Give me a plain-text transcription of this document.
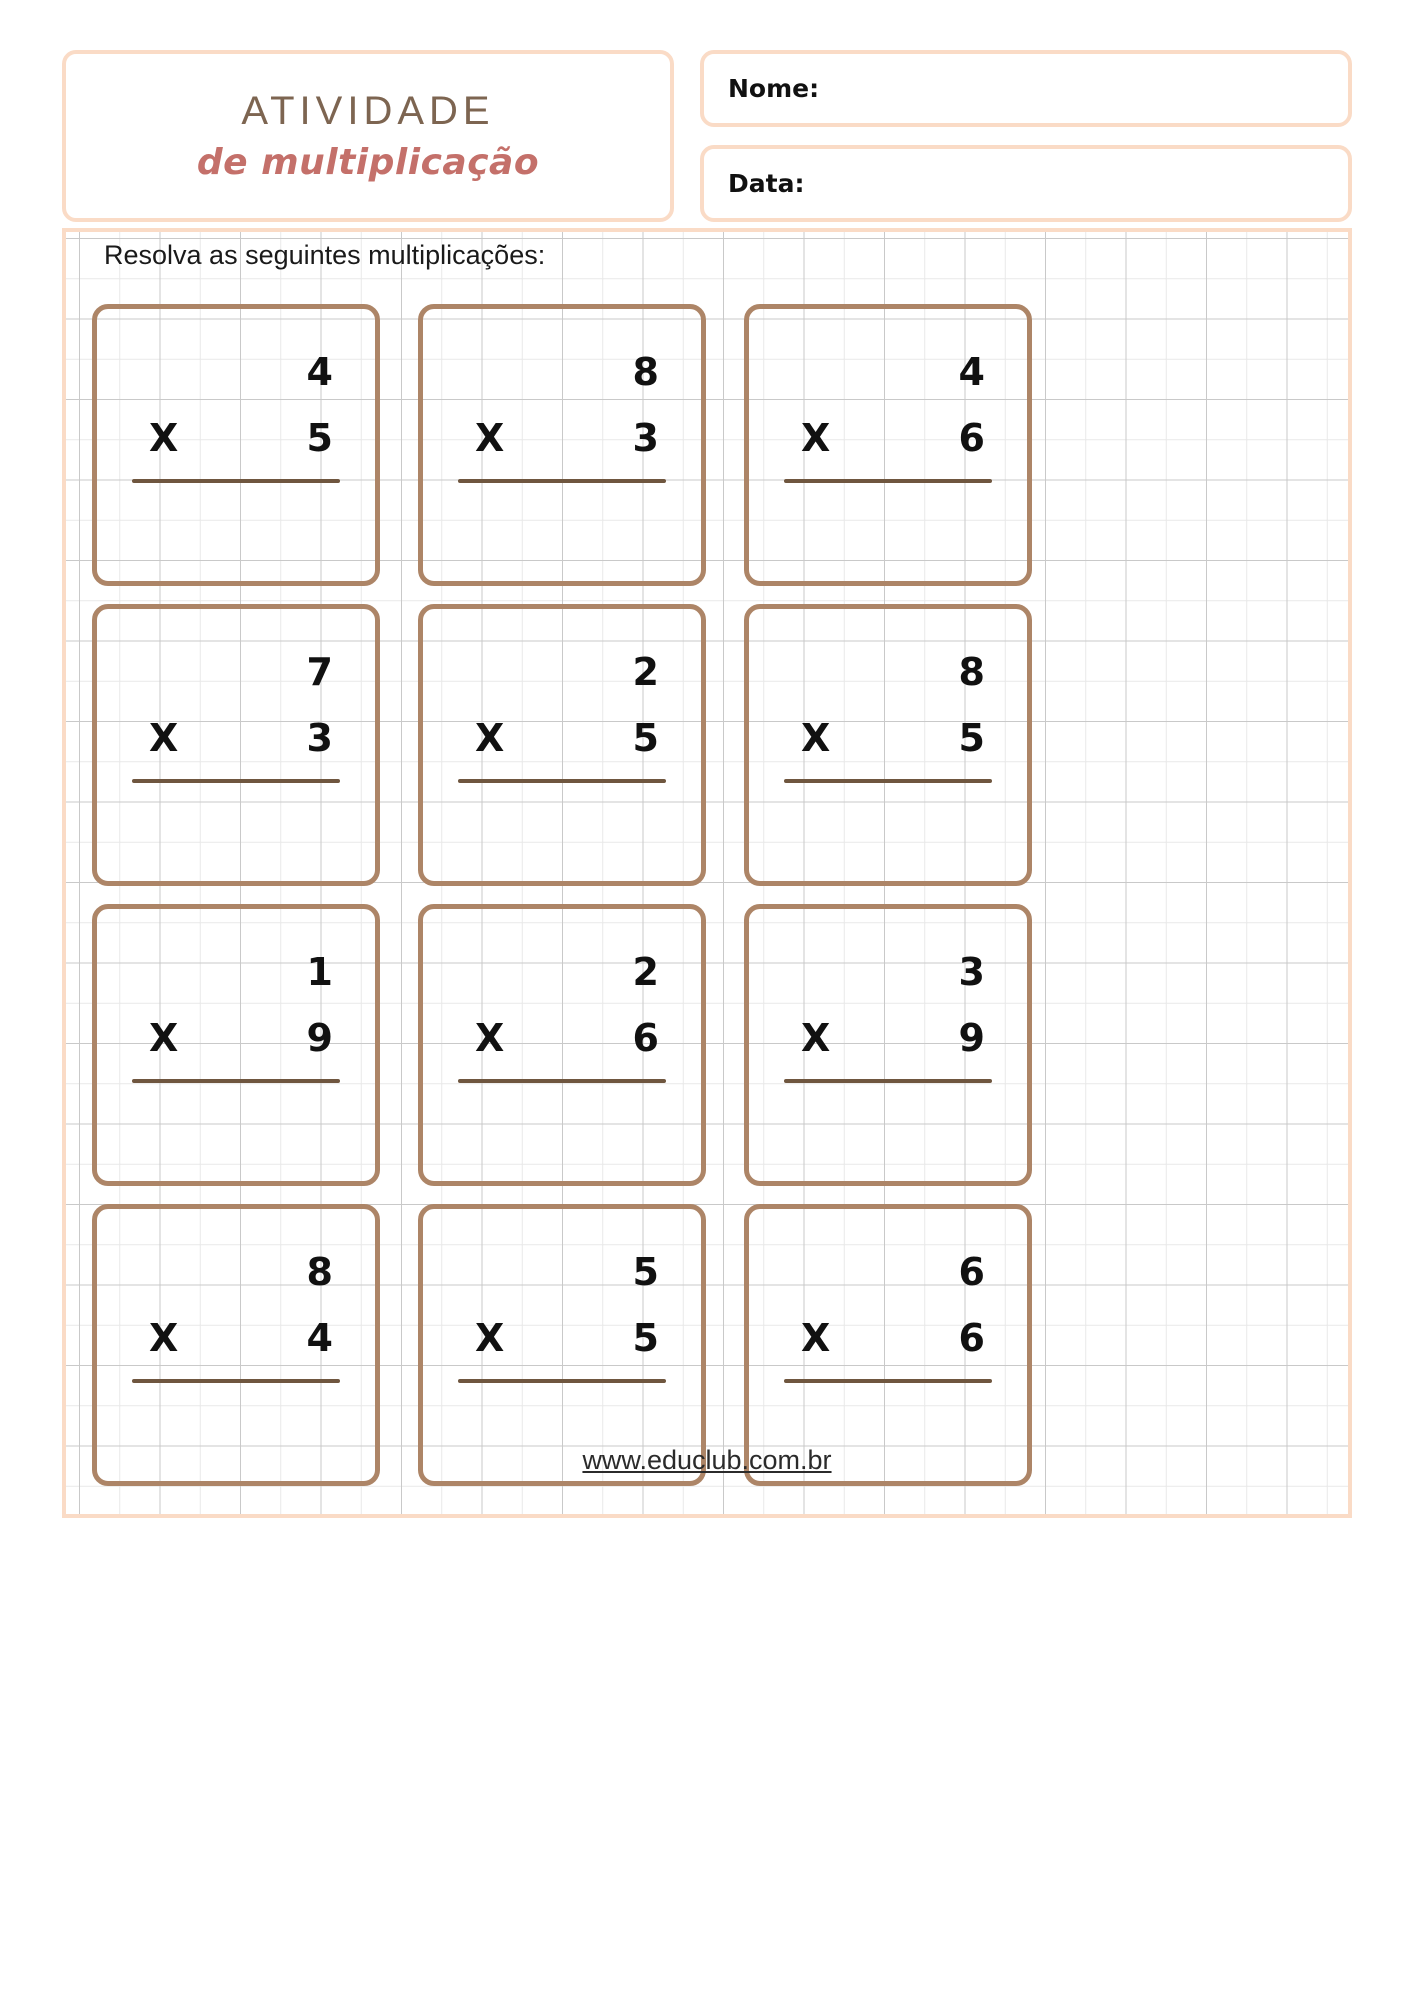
ATIVIDADE
de multiplicação
Nome:
Data:
Resolva as seguintes multiplicações:
4
X	5
8
X	3
4
X	6
7
X	3
2
X	5
8
X	5
1
X	9
2
X	6
3
X	9
8
X	4
5
X	5
6
X	6
www.educlub.com.br
